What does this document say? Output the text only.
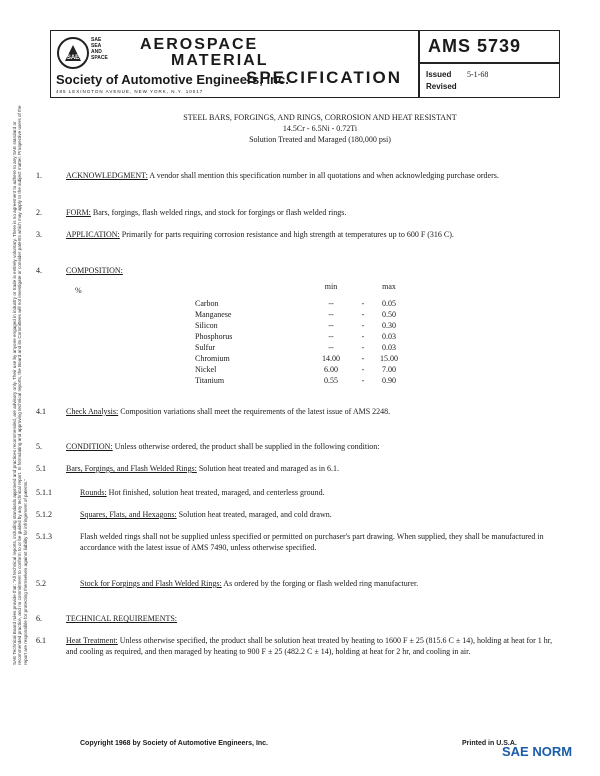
SAE
SAE
SEA
AND
SPACE
AEROSPACE
MATERIAL
SPECIFICATION
Society of Automotive Engineers, Inc.
485 LEXINGTON AVENUE, NEW YORK, N.Y. 10017
AMS 5739
Issued
Revised
5-1-68
SAE Technical Board rules provide that: "All technical reports, including standards approved and practices recommended, are advisory only. Their use by anyone engaged in industry or trade is entirely voluntary. There is no agreement to adhere to any SAE standard or recommended practice, and no commitment to conform to or be guided by any technical report. In formulating and approving technical reports, the Board and its Committees will not investigate or consider patents which may apply to the subject matter. Prospective users of the report are responsible for protecting themselves against liability for infringement of patents."
STEEL BARS, FORGINGS, AND RINGS, CORROSION AND HEAT RESISTANT
14.5Cr - 6.5Ni - 0.72Ti
Solution Treated and Maraged (180,000 psi)
1.	ACKNOWLEDGMENT: A vendor shall mention this specification number in all quotations and when acknowledging purchase orders.
2.	FORM: Bars, forgings, flash welded rings, and stock for forgings or flash welded rings.
3.	APPLICATION: Primarily for parts requiring corrosion resistance and high strength at temperatures up to 600 F (316 C).
4.	COMPOSITION:
%
		min		max

Carbon	--	-	0.05
Manganese	--	-	0.50
Silicon	--	-	0.30
Phosphorus	--	-	0.03
Sulfur	--	-	0.03
Chromium	14.00	-	15.00
Nickel	6.00	-	7.00
Titanium	0.55	-	0.90
4.1	Check Analysis: Composition variations shall meet the requirements of the latest issue of AMS 2248.
5.	CONDITION: Unless otherwise ordered, the product shall be supplied in the following condition:
5.1	Bars, Forgings, and Flash Welded Rings: Solution heat treated and maraged as in 6.1.
5.1.1	Rounds: Hot finished, solution heat treated, maraged, and centerless ground.
5.1.2	Squares, Flats, and Hexagons: Solution heat treated, maraged, and cold drawn.
5.1.3	Flash welded rings shall not be supplied unless specified or permitted on purchaser's part drawing. When supplied, they shall be manufactured in accordance with the latest issue of AMS 7490, unless otherwise specified.
5.2	Stock for Forgings and Flash Welded Rings: As ordered by the forging or flash welded ring manufacturer.
6.	TECHNICAL REQUIREMENTS:
6.1	Heat Treatment: Unless otherwise specified, the product shall be solution heat treated by heating to 1600 F ± 25 (815.6 C ± 14), holding at heat for 1 hr, and cooling as required, and then maraged by heating to 900 F ± 25 (482.2 C ± 14), holding at heat for 2 hr, and cooling in air.
Copyright 1968 by Society of Automotive Engineers, Inc.	Printed in U.S.A.
SAE NORM
